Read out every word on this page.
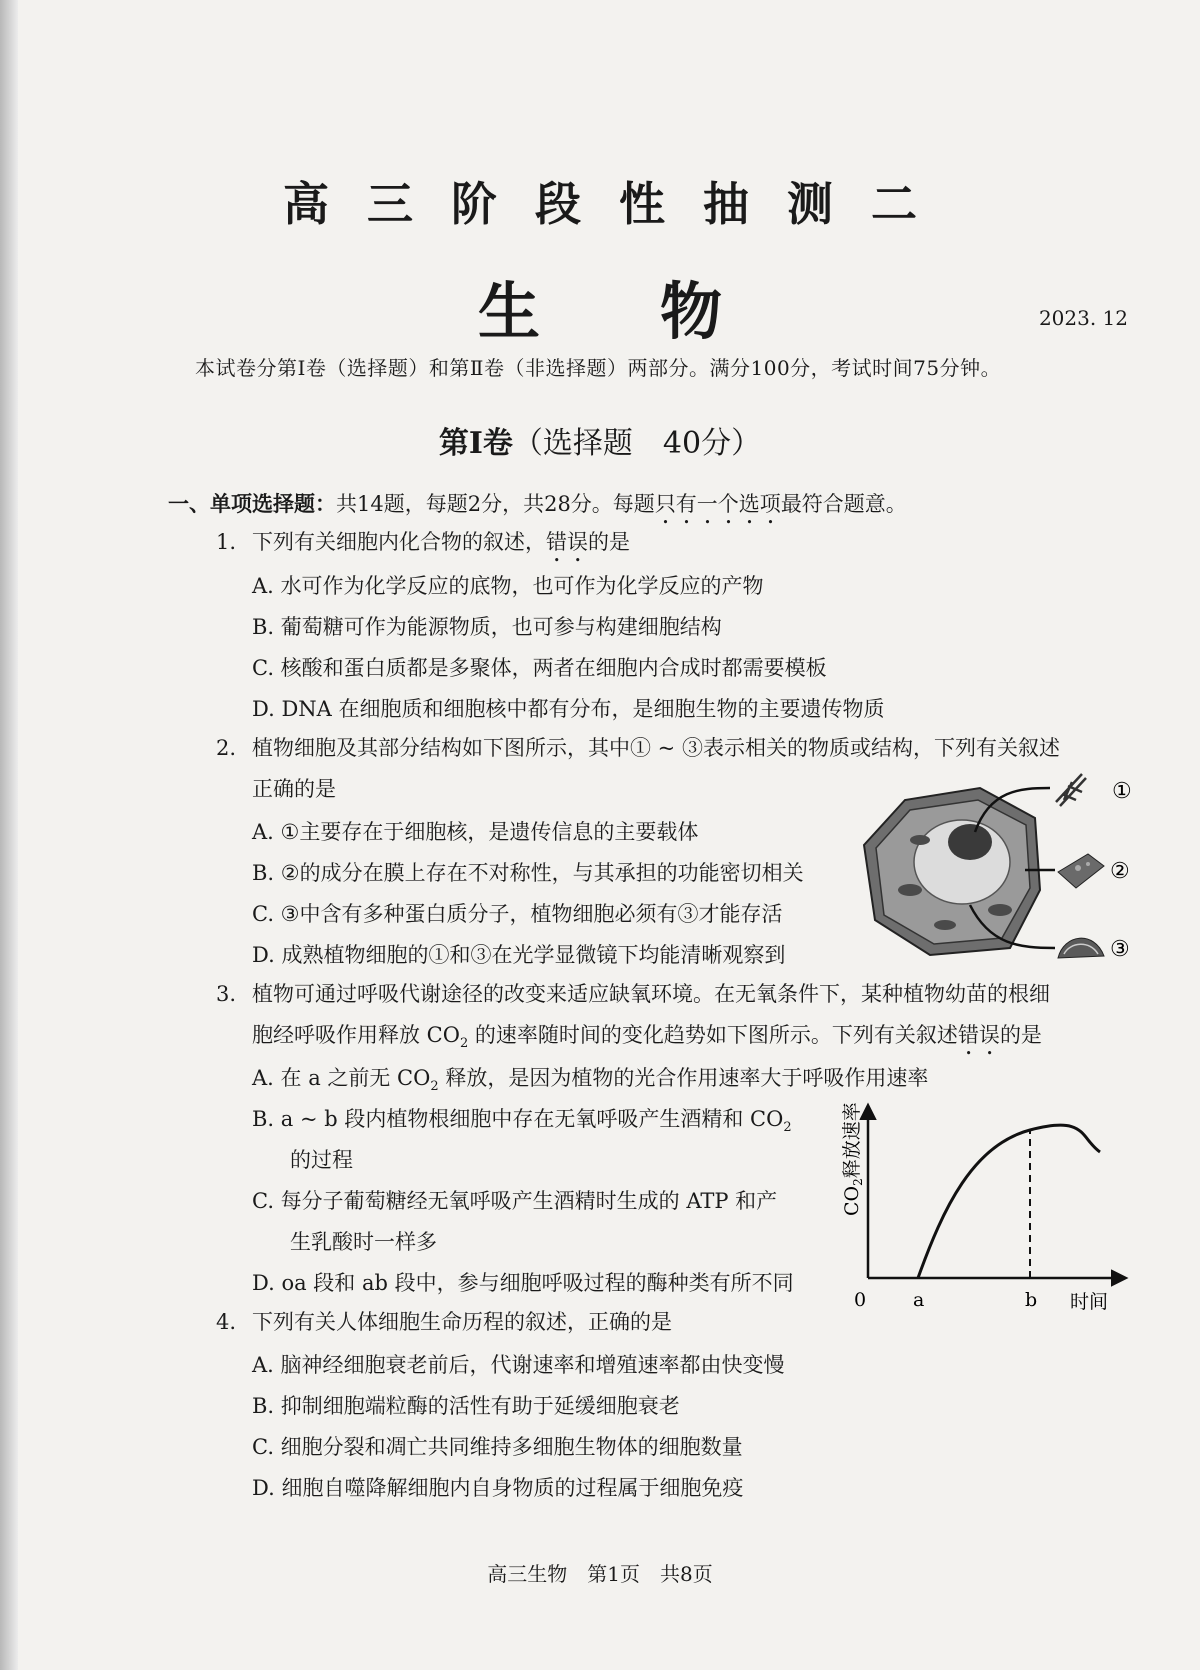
高三阶段性抽测二
生物	2023. 12
本试卷分第Ⅰ卷（选择题）和第Ⅱ卷（非选择题）两部分。满分100分，考试时间75分钟。
第Ⅰ卷（选择题　40分）
一、单项选择题：共14题，每题2分，共28分。每题只有一个选项最符合题意。
1. 下列有关细胞内化合物的叙述，错误的是
A. 水可作为化学反应的底物，也可作为化学反应的产物
B. 葡萄糖可作为能源物质，也可参与构建细胞结构
C. 核酸和蛋白质都是多聚体，两者在细胞内合成时都需要模板
D. DNA 在细胞质和细胞核中都有分布，是细胞生物的主要遗传物质
2. 植物细胞及其部分结构如下图所示，其中① ~ ③表示相关的物质或结构，下列有关叙述
正确的是
A. ①主要存在于细胞核，是遗传信息的主要载体
B. ②的成分在膜上存在不对称性，与其承担的功能密切相关
C. ③中含有多种蛋白质分子，植物细胞必须有③才能存活
D. 成熟植物细胞的①和③在光学显微镜下均能清晰观察到
①
②
③
3. 植物可通过呼吸代谢途径的改变来适应缺氧环境。在无氧条件下，某种植物幼苗的根细
胞经呼吸作用释放 $CO_2$ 的速率随时间的变化趋势如下图所示。下列有关叙述错误的是
A. 在 a 之前无 $CO_2$ 释放，是因为植物的光合作用速率大于呼吸作用速率
B. a ~ b 段内植物根细胞中存在无氧呼吸产生酒精和 $CO_2$
的过程
C. 每分子葡萄糖经无氧呼吸产生酒精时生成的 ATP 和产
生乳酸时一样多
D. oa 段和 ab 段中，参与细胞呼吸过程的酶种类有所不同
$CO_2$释放速率
0 a	b 时间
4. 下列有关人体细胞生命历程的叙述，正确的是
A. 脑神经细胞衰老前后，代谢速率和增殖速率都由快变慢
B. 抑制细胞端粒酶的活性有助于延缓细胞衰老
C. 细胞分裂和凋亡共同维持多细胞生物体的细胞数量
D. 细胞自噬降解细胞内自身物质的过程属于细胞免疫
高三生物　第1页　共8页
